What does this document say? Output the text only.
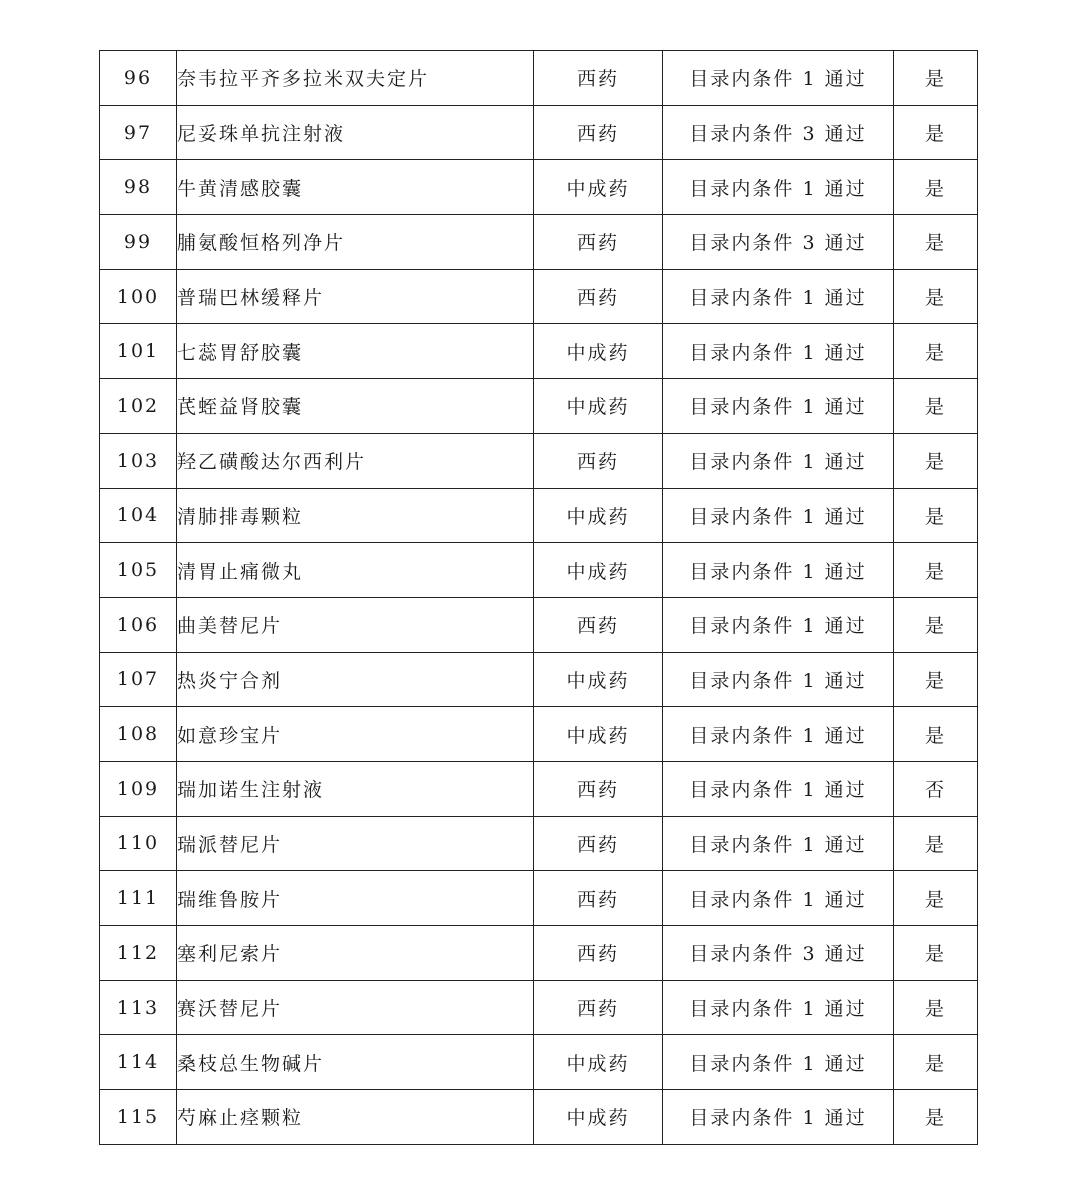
96	奈韦拉平齐多拉米双夫定片	西药	目录内条件 1 通过	是
97	尼妥珠单抗注射液	西药	目录内条件 3 通过	是
98	牛黄清感胶囊	中成药	目录内条件 1 通过	是
99	脯氨酸恒格列净片	西药	目录内条件 3 通过	是
100	普瑞巴林缓释片	西药	目录内条件 1 通过	是
101	七蕊胃舒胶囊	中成药	目录内条件 1 通过	是
102	芪蛭益肾胶囊	中成药	目录内条件 1 通过	是
103	羟乙磺酸达尔西利片	西药	目录内条件 1 通过	是
104	清肺排毒颗粒	中成药	目录内条件 1 通过	是
105	清胃止痛微丸	中成药	目录内条件 1 通过	是
106	曲美替尼片	西药	目录内条件 1 通过	是
107	热炎宁合剂	中成药	目录内条件 1 通过	是
108	如意珍宝片	中成药	目录内条件 1 通过	是
109	瑞加诺生注射液	西药	目录内条件 1 通过	否
110	瑞派替尼片	西药	目录内条件 1 通过	是
111	瑞维鲁胺片	西药	目录内条件 1 通过	是
112	塞利尼索片	西药	目录内条件 3 通过	是
113	赛沃替尼片	西药	目录内条件 1 通过	是
114	桑枝总生物碱片	中成药	目录内条件 1 通过	是
115	芍麻止痉颗粒	中成药	目录内条件 1 通过	是
